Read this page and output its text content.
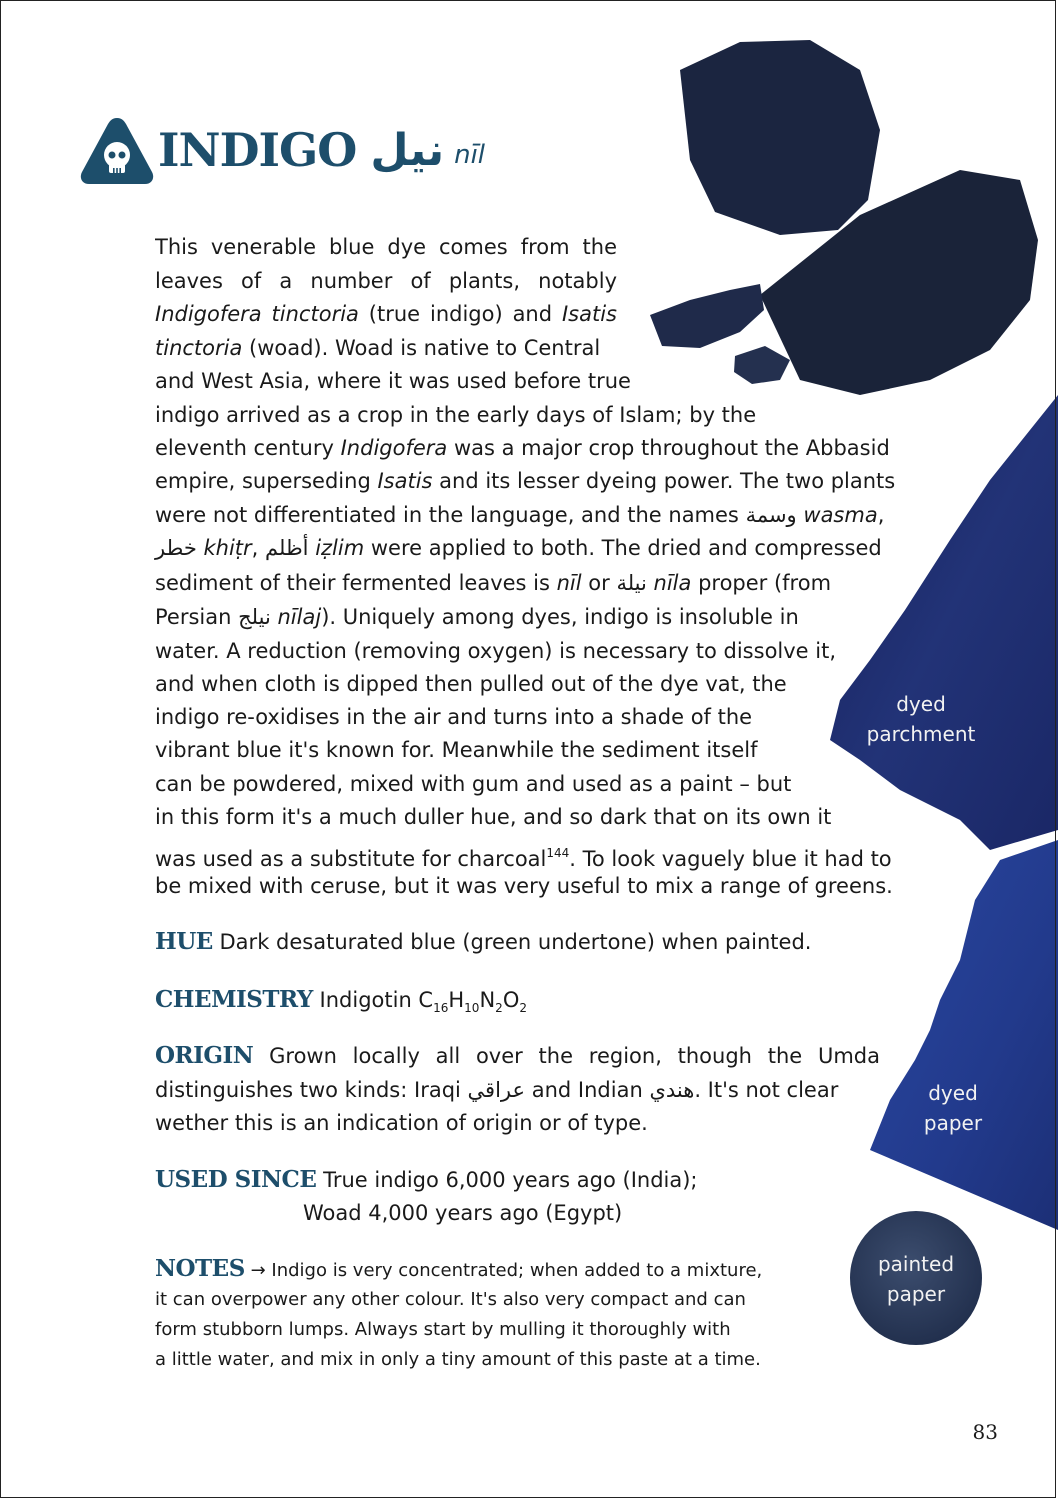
INDIGO نيل nīl
This venerable blue dye comes from the
leaves of a number of plants, notably
Indigofera tinctoria (true indigo) and Isatis
tinctoria (woad). Woad is native to Central
and West Asia, where it was used before true
indigo arrived as a crop in the early days of Islam; by the
eleventh century Indigofera was a major crop throughout the Abbasid
empire, superseding Isatis and its lesser dyeing power. The two plants
were not differentiated in the language, and the names وسمة wasma,
خطر khiṭr, أظلم iẓlim were applied to both. The dried and compressed
sediment of their fermented leaves is nīl or نيلة nīla proper (from
Persian نيلج nīlaj). Uniquely among dyes, indigo is insoluble in
water. A reduction (removing oxygen) is necessary to dissolve it,
and when cloth is dipped then pulled out of the dye vat, the
indigo re-oxidises in the air and turns into a shade of the
vibrant blue it's known for. Meanwhile the sediment itself
can be powdered, mixed with gum and used as a paint – but
in this form it's a much duller hue, and so dark that on its own it
was used as a substitute for charcoal$^{144}$. To look vaguely blue it had to
be mixed with ceruse, but it was very useful to mix a range of greens.
HUE Dark desaturated blue (green undertone) when painted.
CHEMISTRY Indigotin $C_{16}H_{10}N_2O_2$
ORIGIN Grown locally all over the region, though the Umda
distinguishes two kinds: Iraqi عراقي and Indian هندي. It's not clear
wether this is an indication of origin or of type.
USED SINCE True indigo 6,000 years ago (India);
Woad 4,000 years ago (Egypt)
NOTES → Indigo is very concentrated; when added to a mixture,
it can overpower any other colour. It's also very compact and can
form stubborn lumps. Always start by mulling it thoroughly with
a little water, and mix in only a tiny amount of this paste at a time.
dyed
parchment
dyed
paper
painted
paper
83
